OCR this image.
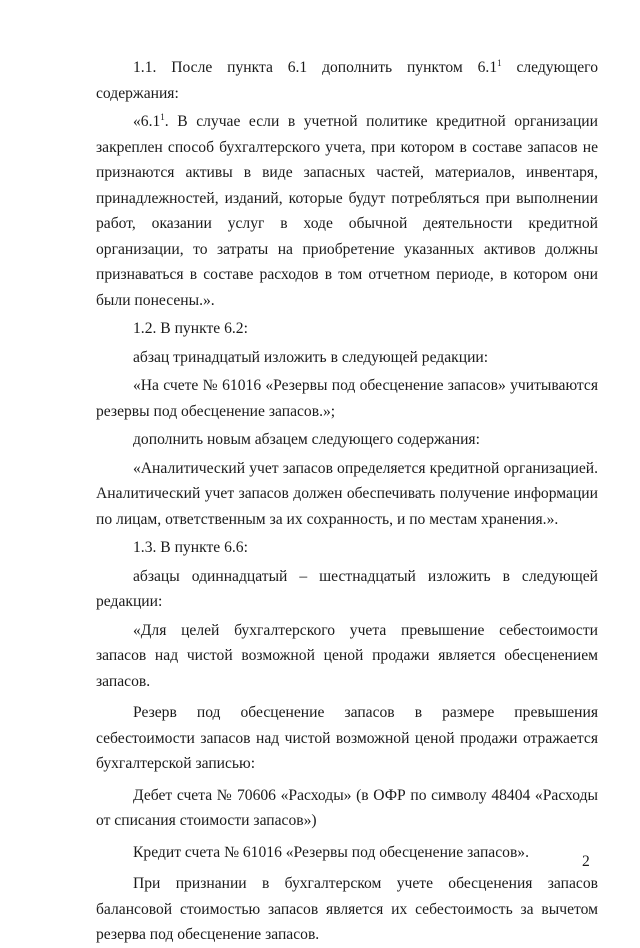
1.1. После пункта 6.1 дополнить пунктом $6.1^1$ следующего содержания:

«$6.1^1$. В случае если в учетной политике кредитной организации закреплен способ бухгалтерского учета, при котором в составе запасов не признаются активы в виде запасных частей, материалов, инвентаря, принадлежностей, изданий, которые будут потребляться при выполнении работ, оказании услуг в ходе обычной деятельности кредитной организации, то затраты на приобретение указанных активов должны признаваться в составе расходов в том отчетном периоде, в котором они были понесены.».

1.2. В пункте 6.2:

абзац тринадцатый изложить в следующей редакции:

«На счете № 61016 «Резервы под обесценение запасов» учитываются резервы под обесценение запасов.»;

дополнить новым абзацем следующего содержания:

«Аналитический учет запасов определяется кредитной организацией. Аналитический учет запасов должен обеспечивать получение информации по лицам, ответственным за их сохранность, и по местам хранения.».

1.3. В пункте 6.6:

абзацы одиннадцатый – шестнадцатый изложить в следующей редакции:

«Для целей бухгалтерского учета превышение себестоимости запасов над чистой возможной ценой продажи является обесценением запасов.

Резерв под обесценение запасов в размере превышения себестоимости запасов над чистой возможной ценой продажи отражается бухгалтерской записью:

Дебет счета № 70606 «Расходы» (в ОФР по символу 48404 «Расходы от списания стоимости запасов»)

Кредит счета № 61016 «Резервы под обесценение запасов».

При признании в бухгалтерском учете обесценения запасов балансовой стоимостью запасов является их себестоимость за вычетом резерва под обесценение запасов.

2
